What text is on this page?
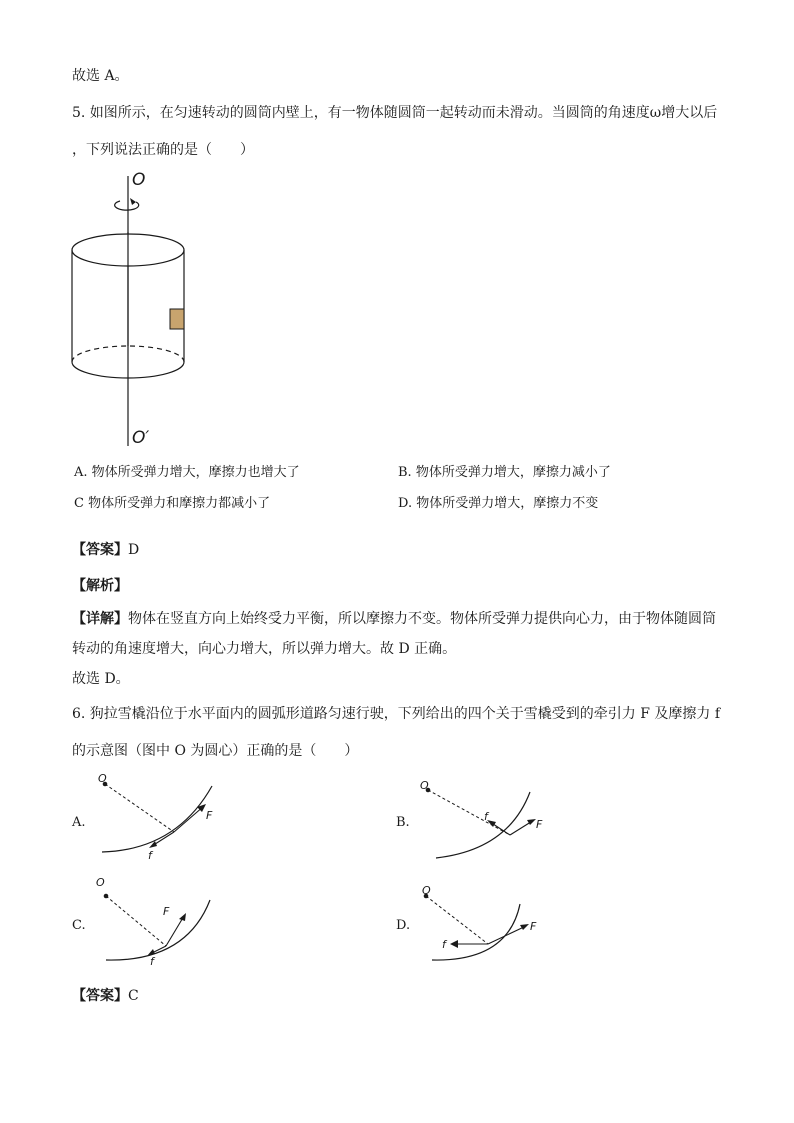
故选 A。
5. 如图所示，在匀速转动的圆筒内壁上，有一物体随圆筒一起转动而未滑动。当圆筒的角速度ω增大以后
，下列说法正确的是（　　）
O
O′
A. 物体所受弹力增大，摩擦力也增大了	B. 物体所受弹力增大，摩擦力减小了
C 物体所受弹力和摩擦力都减小了	D. 物体所受弹力增大，摩擦力不变
【答案】D
【解析】
【详解】物体在竖直方向上始终受力平衡，所以摩擦力不变。物体所受弹力提供向心力，由于物体随圆筒
转动的角速度增大，向心力增大，所以弹力增大。故 D 正确。
故选 D。
6. 狗拉雪橇沿位于水平面内的圆弧形道路匀速行驶，下列给出的四个关于雪橇受到的牵引力 F 及摩擦力 f
的示意图（图中 O 为圆心）正确的是（　　）
A.	B.
C.	D.
O
F
f
O
F
f
O
F
f
O
F
f
【答案】C
